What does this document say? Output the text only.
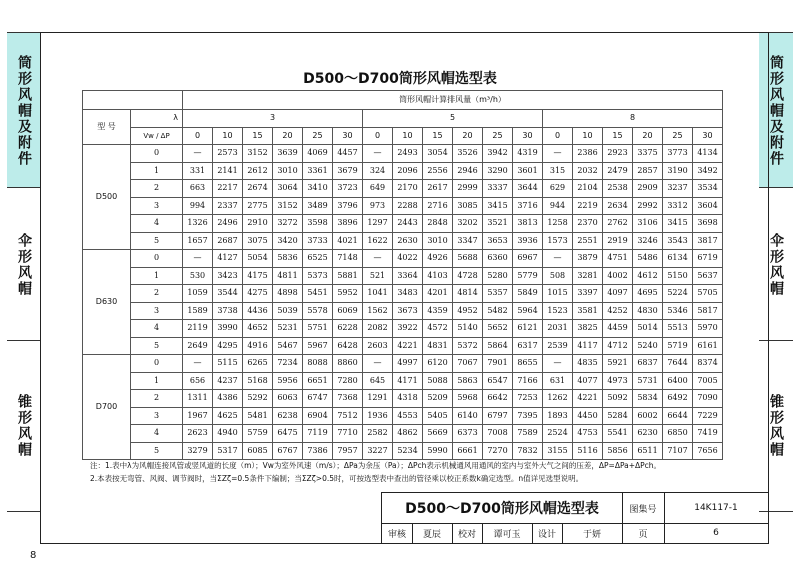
筒形风帽及附件
伞形风帽
锥形风帽
筒形风帽及附件
伞形风帽
锥形风帽
D500～D700筒形风帽选型表
		筒形风帽计算排风量（m³/h）																	
型 号	λ	3						5						8					
	Vw / ΔP	0	10	15	20	25	30	0	10	15	20	25	30	0	10	15	20	25	30
D500	0	—	2573	3152	3639	4069	4457	—	2493	3054	3526	3942	4319	—	2386	2923	3375	3773	4134
	1	331	2141	2612	3010	3361	3679	324	2096	2556	2946	3290	3601	315	2032	2479	2857	3190	3492
	2	663	2217	2674	3064	3410	3723	649	2170	2617	2999	3337	3644	629	2104	2538	2909	3237	3534
	3	994	2337	2775	3152	3489	3796	973	2288	2716	3085	3415	3716	944	2219	2634	2992	3312	3604
	4	1326	2496	2910	3272	3598	3896	1297	2443	2848	3202	3521	3813	1258	2370	2762	3106	3415	3698
	5	1657	2687	3075	3420	3733	4021	1622	2630	3010	3347	3653	3936	1573	2551	2919	3246	3543	3817
D630	0	—	4127	5054	5836	6525	7148	—	4022	4926	5688	6360	6967	—	3879	4751	5486	6134	6719
	1	530	3423	4175	4811	5373	5881	521	3364	4103	4728	5280	5779	508	3281	4002	4612	5150	5637
	2	1059	3544	4275	4898	5451	5952	1041	3483	4201	4814	5357	5849	1015	3397	4097	4695	5224	5705
	3	1589	3738	4436	5039	5578	6069	1562	3673	4359	4952	5482	5964	1523	3581	4252	4830	5346	5817
	4	2119	3990	4652	5231	5751	6228	2082	3922	4572	5140	5652	6121	2031	3825	4459	5014	5513	5970
	5	2649	4295	4916	5467	5967	6428	2603	4221	4831	5372	5864	6317	2539	4117	4712	5240	5719	6161
D700	0	—	5115	6265	7234	8088	8860	—	4997	6120	7067	7901	8655	—	4835	5921	6837	7644	8374
	1	656	4237	5168	5956	6651	7280	645	4171	5088	5863	6547	7166	631	4077	4973	5731	6400	7005
	2	1311	4386	5292	6063	6747	7368	1291	4318	5209	5968	6642	7253	1262	4221	5092	5834	6492	7090
	3	1967	4625	5481	6238	6904	7512	1936	4553	5405	6140	6797	7395	1893	4450	5284	6002	6644	7229
	4	2623	4940	5759	6475	7119	7710	2582	4862	5669	6373	7008	7589	2524	4753	5541	6230	6850	7419
	5	3279	5317	6085	6767	7386	7957	3227	5234	5990	6661	7270	7832	3155	5116	5856	6511	7107	7656
注：1.表中λ为风帽连接风管或竖风道的长度（m）；Vw为室外风速（m/s）；ΔPa为余压（Pa）；ΔPch表示机械通风用通风的室内与室外大气之间的压差，ΔP=ΔPa+ΔPch。
2.本表按无弯管、风阀、调节阀时，当ΣZζ=0.5条件下编制；当ΣZζ>0.5时，可按选型表中查出的管径乘以校正系数k确定选型。n值详见选型说明。
D500～D700筒形风帽选型表	图集号	14K117-1
审核	夏辰	校对	谭可玉	设计	于妍	页	6
8
